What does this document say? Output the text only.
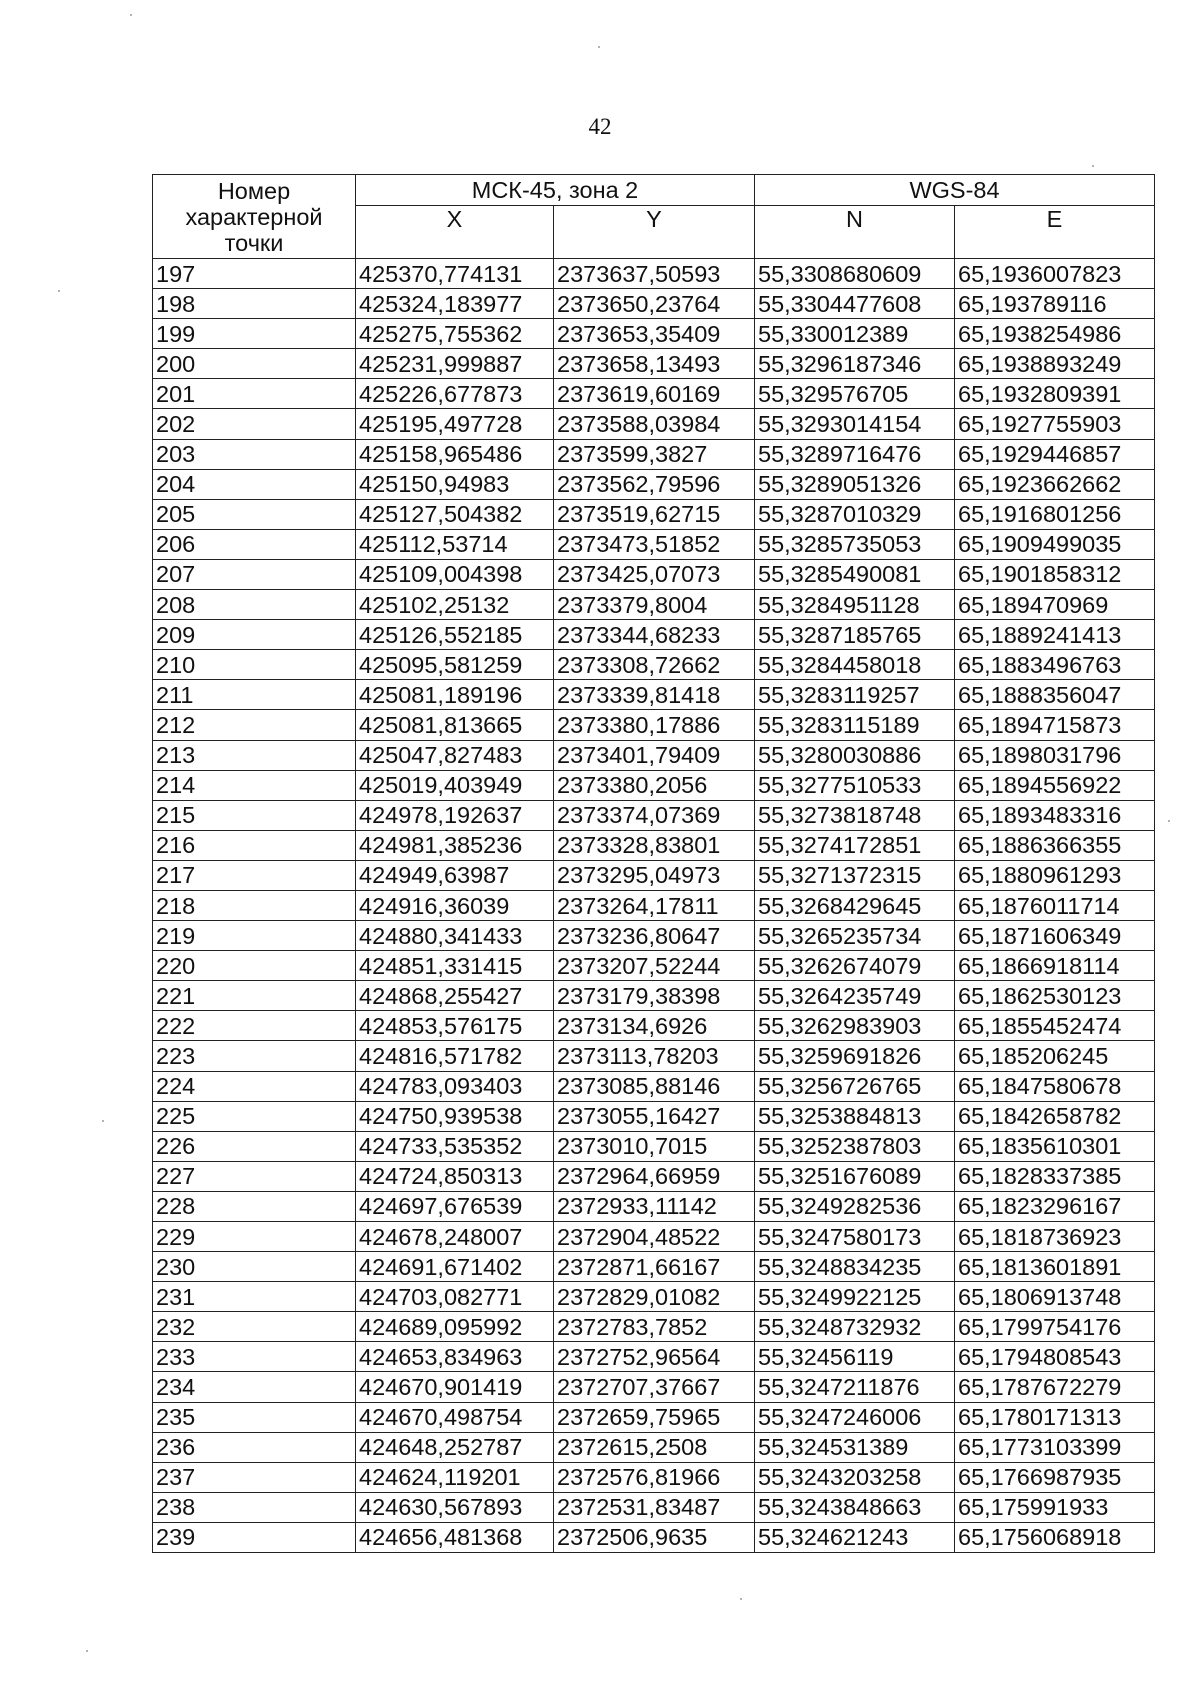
42
Номер характерной точки	МСК-45, зона 2		WGS-84	
	X	Y	N	E
197	425370,774131	2373637,50593	55,3308680609	65,1936007823
198	425324,183977	2373650,23764	55,3304477608	65,193789116
199	425275,755362	2373653,35409	55,330012389	65,1938254986
200	425231,999887	2373658,13493	55,3296187346	65,1938893249
201	425226,677873	2373619,60169	55,329576705	65,1932809391
202	425195,497728	2373588,03984	55,3293014154	65,1927755903
203	425158,965486	2373599,3827	55,3289716476	65,1929446857
204	425150,94983	2373562,79596	55,3289051326	65,1923662662
205	425127,504382	2373519,62715	55,3287010329	65,1916801256
206	425112,53714	2373473,51852	55,3285735053	65,1909499035
207	425109,004398	2373425,07073	55,3285490081	65,1901858312
208	425102,25132	2373379,8004	55,3284951128	65,189470969
209	425126,552185	2373344,68233	55,3287185765	65,1889241413
210	425095,581259	2373308,72662	55,3284458018	65,1883496763
211	425081,189196	2373339,81418	55,3283119257	65,1888356047
212	425081,813665	2373380,17886	55,3283115189	65,1894715873
213	425047,827483	2373401,79409	55,3280030886	65,1898031796
214	425019,403949	2373380,2056	55,3277510533	65,1894556922
215	424978,192637	2373374,07369	55,3273818748	65,1893483316
216	424981,385236	2373328,83801	55,3274172851	65,1886366355
217	424949,63987	2373295,04973	55,3271372315	65,1880961293
218	424916,36039	2373264,17811	55,3268429645	65,1876011714
219	424880,341433	2373236,80647	55,3265235734	65,1871606349
220	424851,331415	2373207,52244	55,3262674079	65,1866918114
221	424868,255427	2373179,38398	55,3264235749	65,1862530123
222	424853,576175	2373134,6926	55,3262983903	65,1855452474
223	424816,571782	2373113,78203	55,3259691826	65,185206245
224	424783,093403	2373085,88146	55,3256726765	65,1847580678
225	424750,939538	2373055,16427	55,3253884813	65,1842658782
226	424733,535352	2373010,7015	55,3252387803	65,1835610301
227	424724,850313	2372964,66959	55,3251676089	65,1828337385
228	424697,676539	2372933,11142	55,3249282536	65,1823296167
229	424678,248007	2372904,48522	55,3247580173	65,1818736923
230	424691,671402	2372871,66167	55,3248834235	65,1813601891
231	424703,082771	2372829,01082	55,3249922125	65,1806913748
232	424689,095992	2372783,7852	55,3248732932	65,1799754176
233	424653,834963	2372752,96564	55,32456119	65,1794808543
234	424670,901419	2372707,37667	55,3247211876	65,1787672279
235	424670,498754	2372659,75965	55,3247246006	65,1780171313
236	424648,252787	2372615,2508	55,324531389	65,1773103399
237	424624,119201	2372576,81966	55,3243203258	65,1766987935
238	424630,567893	2372531,83487	55,3243848663	65,175991933
239	424656,481368	2372506,9635	55,324621243	65,1756068918
